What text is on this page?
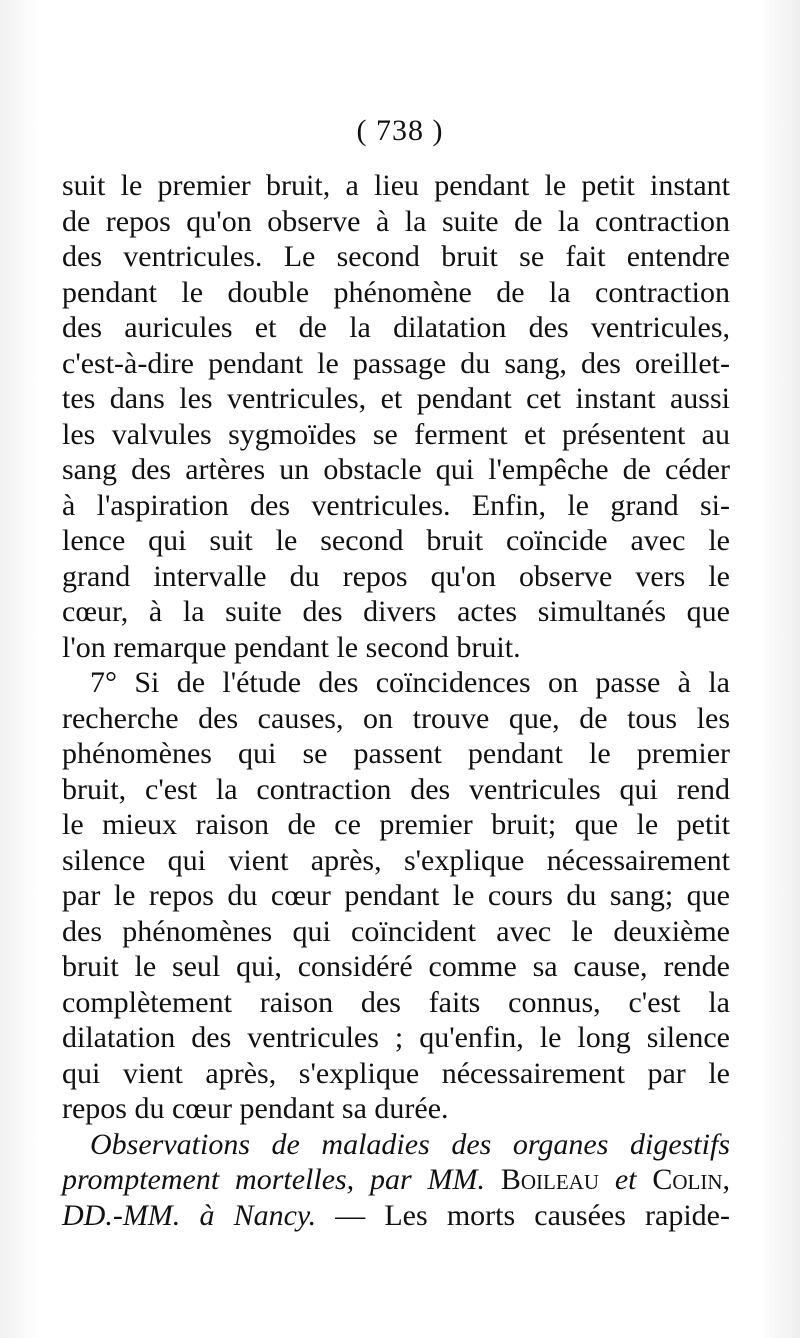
( 738 )
suit le premier bruit, a lieu pendant le petit instant
de repos qu'on observe à la suite de la contraction
des ventricules. Le second bruit se fait entendre
pendant le double phénomène de la contraction
des auricules et de la dilatation des ventricules,
c'est-à-dire pendant le passage du sang, des oreillet-
tes dans les ventricules, et pendant cet instant aussi
les valvules sygmoïdes se ferment et présentent au
sang des artères un obstacle qui l'empêche de céder
à l'aspiration des ventricules. Enfin, le grand si-
lence qui suit le second bruit coïncide avec le
grand intervalle du repos qu'on observe vers le
cœur, à la suite des divers actes simultanés que
l'on remarque pendant le second bruit.
7° Si de l'étude des coïncidences on passe à la
recherche des causes, on trouve que, de tous les
phénomènes qui se passent pendant le premier
bruit, c'est la contraction des ventricules qui rend
le mieux raison de ce premier bruit; que le petit
silence qui vient après, s'explique nécessairement
par le repos du cœur pendant le cours du sang; que
des phénomènes qui coïncident avec le deuxième
bruit le seul qui, considéré comme sa cause, rende
complètement raison des faits connus, c'est la
dilatation des ventricules ; qu'enfin, le long silence
qui vient après, s'explique nécessairement par le
repos du cœur pendant sa durée.
Observations de maladies des organes digestifs
promptement mortelles, par MM. Boileau et Colin,
DD.-MM. à Nancy. — Les morts causées rapide-
